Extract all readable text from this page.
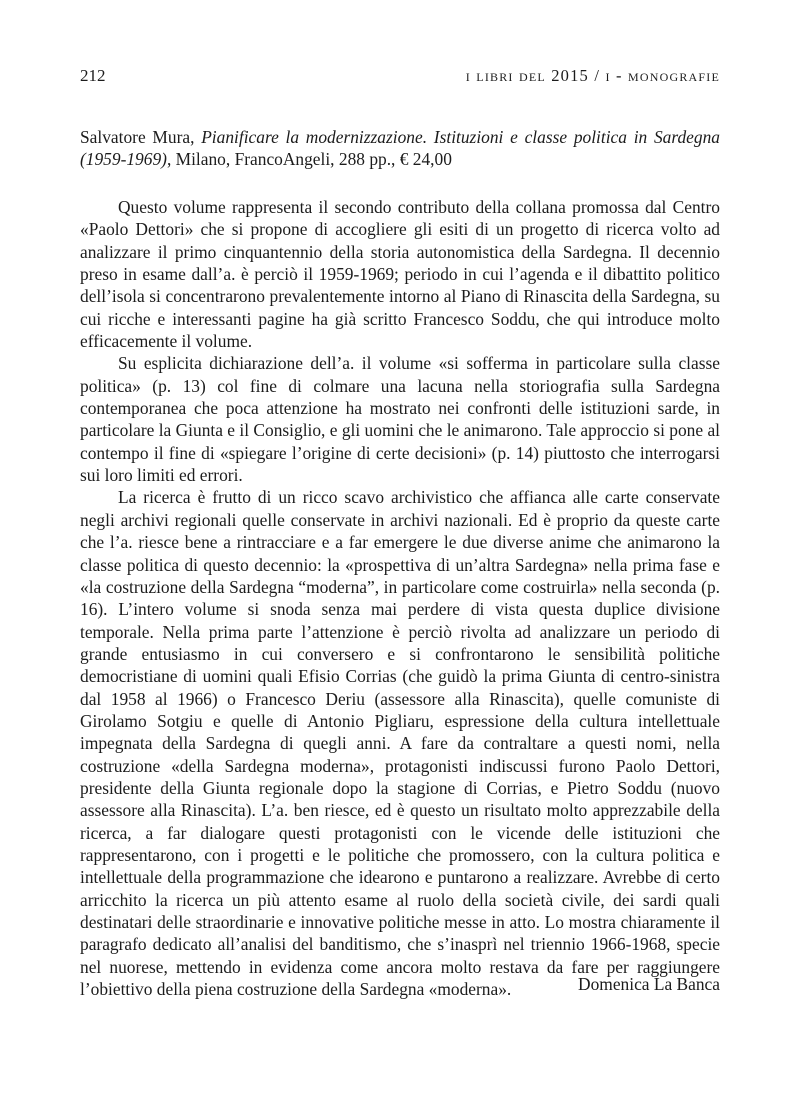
212	i libri del 2015 / i - monografie
Salvatore Mura, Pianificare la modernizzazione. Istituzioni e classe politica in Sardegna (1959-1969), Milano, FrancoAngeli, 288 pp., € 24,00

Questo volume rappresenta il secondo contributo della collana promossa dal Centro «Paolo Dettori» che si propone di accogliere gli esiti di un progetto di ricerca volto ad analizzare il primo cinquantennio della storia autonomistica della Sardegna. Il decennio preso in esame dall’a. è perciò il 1959-1969; periodo in cui l’agenda e il dibattito politico dell’isola si concentrarono prevalentemente intorno al Piano di Rinascita della Sardegna, su cui ricche e interessanti pagine ha già scritto Francesco Soddu, che qui introduce molto efficacemente il volume.

Su esplicita dichiarazione dell’a. il volume «si sofferma in particolare sulla classe politica» (p. 13) col fine di colmare una lacuna nella storiografia sulla Sardegna contemporanea che poca attenzione ha mostrato nei confronti delle istituzioni sarde, in particolare la Giunta e il Consiglio, e gli uomini che le animarono. Tale approccio si pone al contempo il fine di «spiegare l’origine di certe decisioni» (p. 14) piuttosto che interrogarsi sui loro limiti ed errori.

La ricerca è frutto di un ricco scavo archivistico che affianca alle carte conservate negli archivi regionali quelle conservate in archivi nazionali. Ed è proprio da queste carte che l’a. riesce bene a rintracciare e a far emergere le due diverse anime che animarono la classe politica di questo decennio: la «prospettiva di un’altra Sardegna» nella prima fase e «la costruzione della Sardegna “moderna”, in particolare come costruirla» nella seconda (p. 16). L’intero volume si snoda senza mai perdere di vista questa duplice divisione temporale. Nella prima parte l’attenzione è perciò rivolta ad analizzare un periodo di grande entusiasmo in cui conversero e si confrontarono le sensibilità politiche democristiane di uomini quali Efisio Corrias (che guidò la prima Giunta di centro-sinistra dal 1958 al 1966) o Francesco Deriu (assessore alla Rinascita), quelle comuniste di Girolamo Sotgiu e quelle di Antonio Pigliaru, espressione della cultura intellettuale impegnata della Sardegna di quegli anni. A fare da contraltare a questi nomi, nella costruzione «della Sardegna moderna», protagonisti indiscussi furono Paolo Dettori, presidente della Giunta regionale dopo la stagione di Corrias, e Pietro Soddu (nuovo assessore alla Rinascita). L’a. ben riesce, ed è questo un risultato molto apprezzabile della ricerca, a far dialogare questi protagonisti con le vicende delle istituzioni che rappresentarono, con i progetti e le politiche che promossero, con la cultura politica e intellettuale della programmazione che idearono e puntarono a realizzare. Avrebbe di certo arricchito la ricerca un più attento esame al ruolo della società civile, dei sardi quali destinatari delle straordinarie e innovative politiche messe in atto. Lo mostra chiaramente il paragrafo dedicato all’analisi del banditismo, che s’inasprì nel triennio 1966-1968, specie nel nuorese, mettendo in evidenza come ancora molto restava da fare per raggiungere l’obiettivo della piena costruzione della Sardegna «moderna».	Domenica La Banca
